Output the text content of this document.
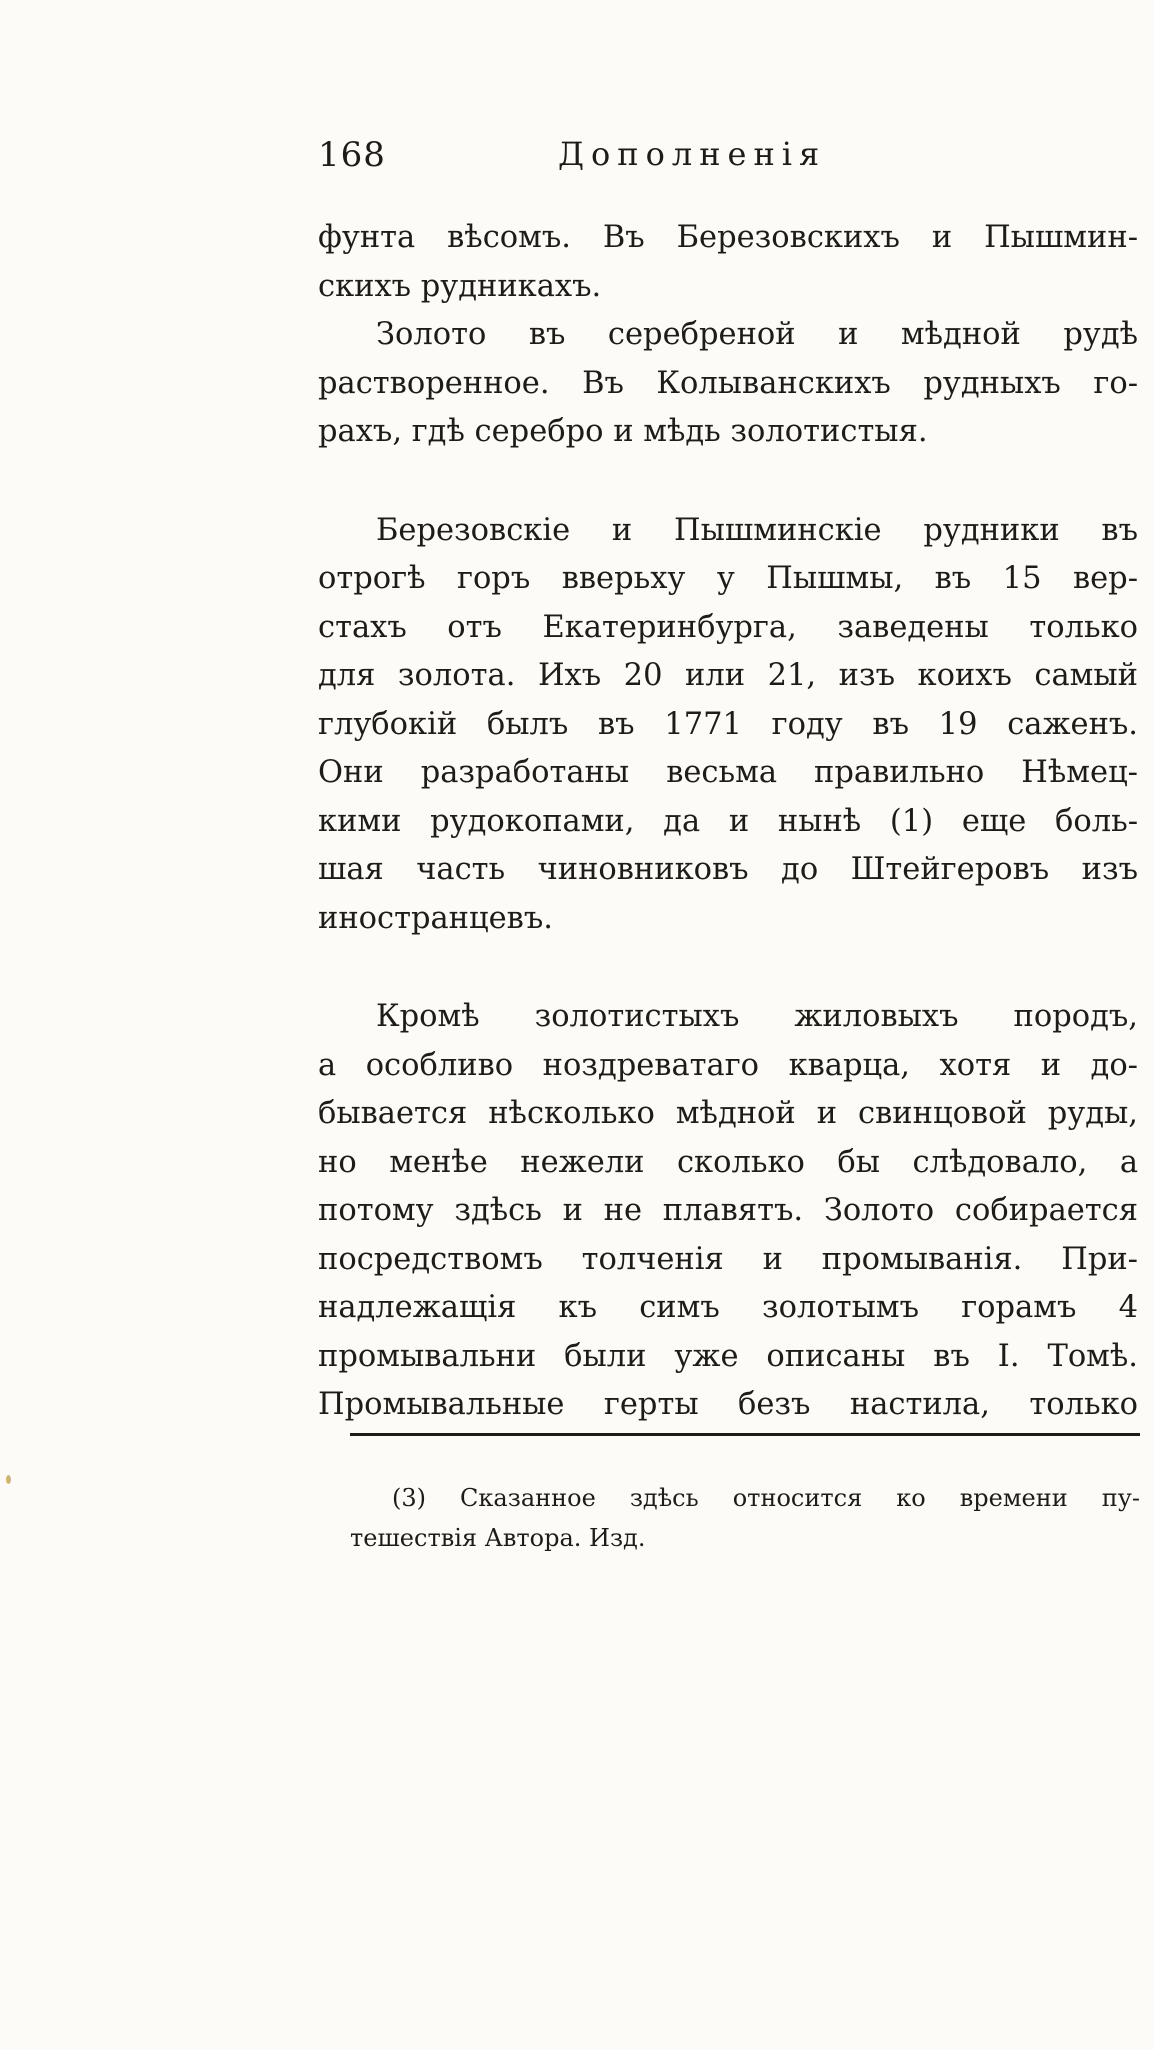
168	Дополненія
фунта вѣсомъ. Въ Березовскихъ и Пышмин-
скихъ рудникахъ.
Золото въ серебреной и мѣдной рудѣ
растворенное. Въ Колыванскихъ рудныхъ го-
рахъ, гдѣ серебро и мѣдь золотистыя.
Березовскіе и Пышминскіе рудники въ
отрогѣ горъ вверьху у Пышмы, въ 15 вер-
стахъ отъ Екатеринбурга, заведены только
для золота. Ихъ 20 или 21, изъ коихъ самый
глубокій былъ въ 1771 году въ 19 саженъ.
Они разработаны весьма правильно Нѣмец-
кими рудокопами, да и нынѣ (1) еще боль-
шая часть чиновниковъ до Штейгеровъ изъ
иностранцевъ.
Кромѣ золотистыхъ жиловыхъ породъ,
а особливо ноздреватаго кварца, хотя и до-
бывается нѣсколько мѣдной и свинцовой руды,
но менѣе нежели сколько бы слѣдовало, а
потому здѣсь и не плавятъ. Золото собирается
посредствомъ толченія и промыванія. При-
надлежащія къ симъ золотымъ горамъ 4
промывальни были уже описаны въ I. Томѣ.
Промывальные герты безъ настила, только
(3) Сказанное здѣсь относится ко времени пу-
тешествія Автора. Изд.
